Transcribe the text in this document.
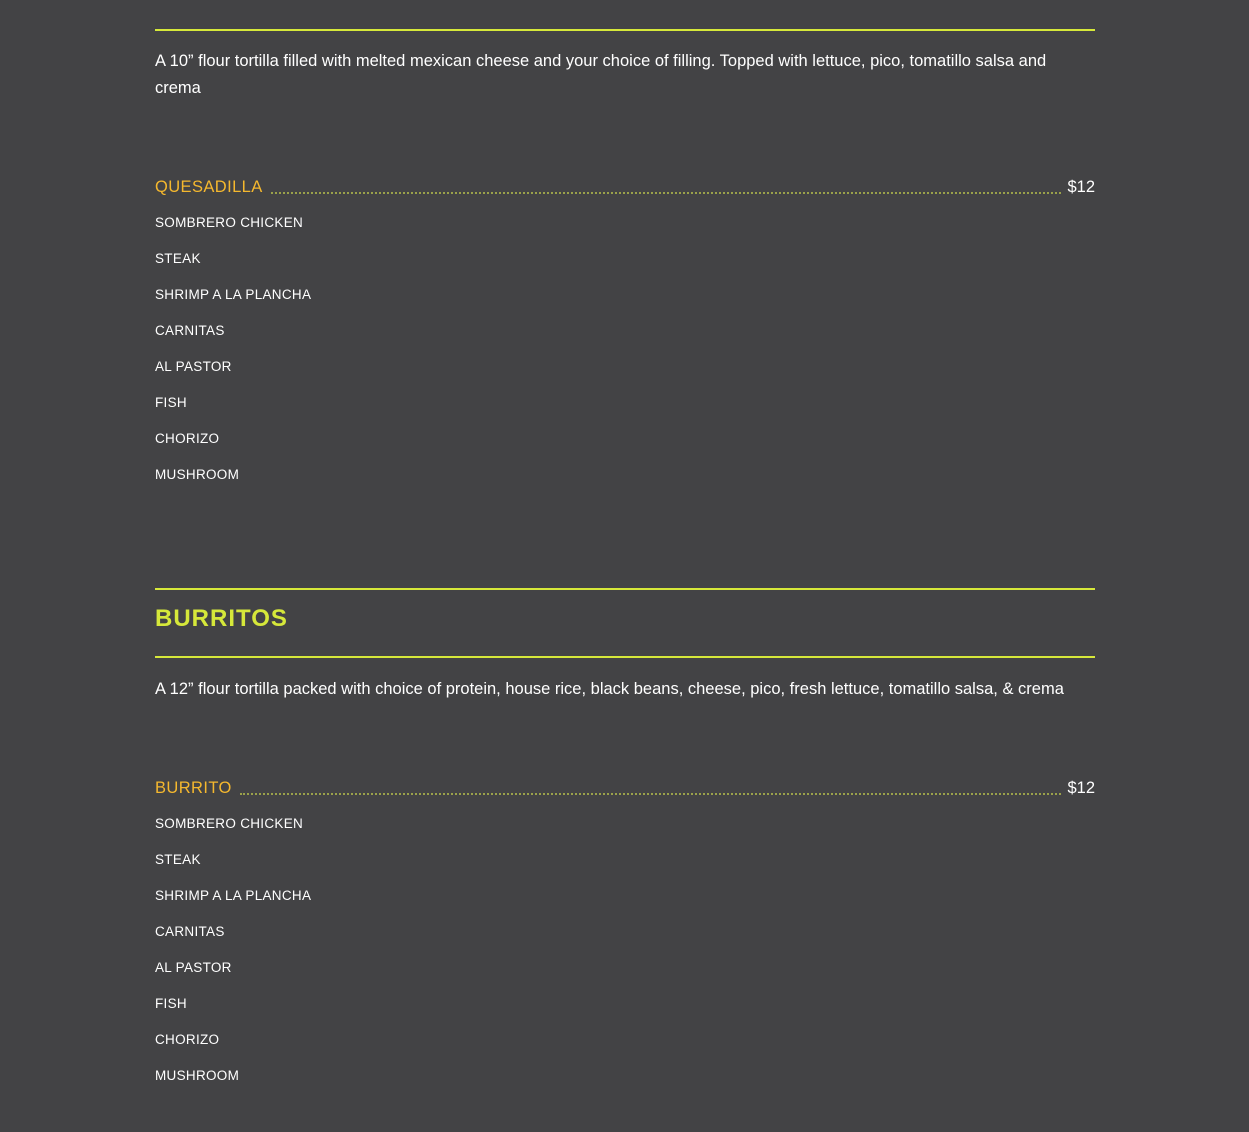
A 10” flour tortilla filled with melted mexican cheese and your choice of filling. Topped with lettuce, pico, tomatillo salsa and crema

QUESADILLA	$12
SOMBRERO CHICKEN
STEAK
SHRIMP A LA PLANCHA
CARNITAS
AL PASTOR
FISH
CHORIZO
MUSHROOM
BURRITOS

A 12” flour tortilla packed with choice of protein, house rice, black beans, cheese, pico, fresh lettuce, tomatillo salsa, & crema

BURRITO	$12
SOMBRERO CHICKEN
STEAK
SHRIMP A LA PLANCHA
CARNITAS
AL PASTOR
FISH
CHORIZO
MUSHROOM
